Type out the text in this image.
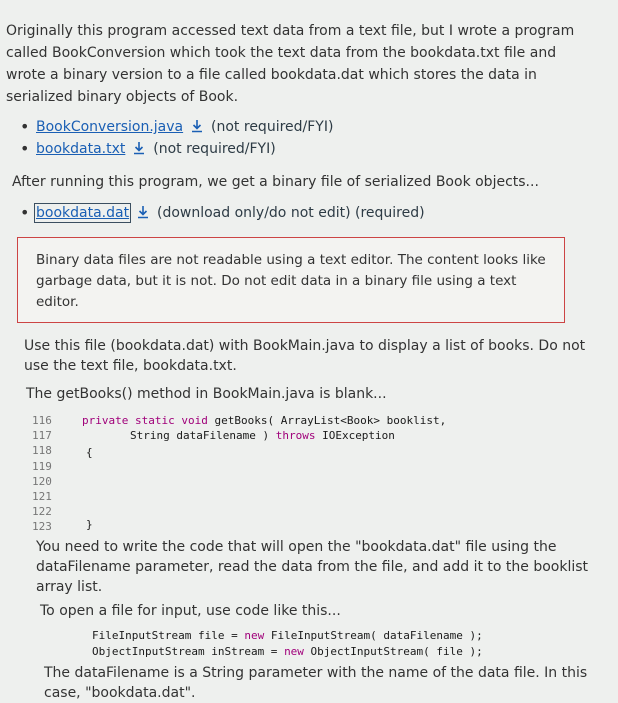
Originally this program accessed text data from a text file, but I wrote a program
called BookConversion which took the text data from the bookdata.txt file and
wrote a binary version to a file called bookdata.dat which stores the data in
serialized binary objects of Book.
• BookConversion.java (not required/FYI)
• bookdata.txt (not required/FYI)
After running this program, we get a binary file of serialized Book objects...
• bookdata.dat (download only/do not edit) (required)
Binary data files are not readable using a text editor. The content looks like
garbage data, but it is not. Do not edit data in a binary file using a text
editor.
Use this file (bookdata.dat) with BookMain.java to display a list of books. Do not
use the text file, bookdata.txt.
The getBooks() method in BookMain.java is blank...
116
117
118
119
120
121
122
123
private static void getBooks( ArrayList<Book> booklist,
String dataFilename ) throws IOException
{
}
You need to write the code that will open the "bookdata.dat" file using the
dataFilename parameter, read the data from the file, and add it to the booklist
array list.
To open a file for input, use code like this...
FileInputStream file = new FileInputStream( dataFilename );
ObjectInputStream inStream = new ObjectInputStream( file );
The dataFilename is a String parameter with the name of the data file. In this
case, "bookdata.dat".
